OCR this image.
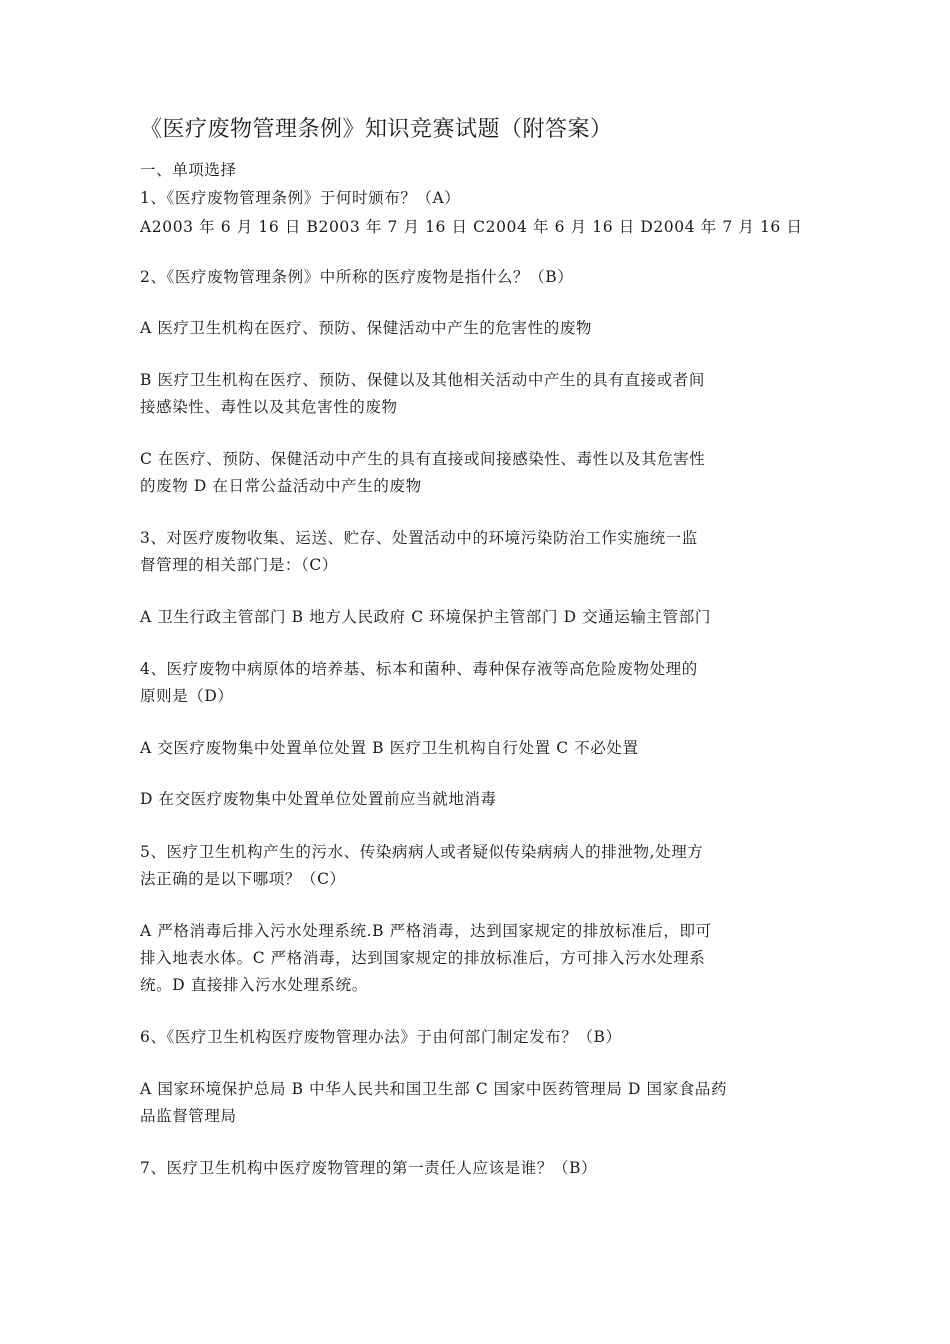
《医疗废物管理条例》知识竞赛试题（附答案）
一、单项选择
1、《医疗废物管理条例》于何时颁布？（A）
A2003 年 6 月 16 日 B2003 年 7 月 16 日 C2004 年 6 月 16 日 D2004 年 7 月 16 日
2、《医疗废物管理条例》中所称的医疗废物是指什么？（B）
A 医疗卫生机构在医疗、预防、保健活动中产生的危害性的废物
B 医疗卫生机构在医疗、预防、保健以及其他相关活动中产生的具有直接或者间
接感染性、毒性以及其危害性的废物
C 在医疗、预防、保健活动中产生的具有直接或间接感染性、毒性以及其危害性
的废物 D 在日常公益活动中产生的废物
3、对医疗废物收集、运送、贮存、处置活动中的环境污染防治工作实施统一监
督管理的相关部门是：（C）
A 卫生行政主管部门 B 地方人民政府 C 环境保护主管部门 D 交通运输主管部门
4、医疗废物中病原体的培养基、标本和菌种、毒种保存液等高危险废物处理的
原则是（D）
A 交医疗废物集中处置单位处置 B 医疗卫生机构自行处置 C 不必处置
D 在交医疗废物集中处置单位处置前应当就地消毒
5、医疗卫生机构产生的污水、传染病病人或者疑似传染病病人的排泄物,处理方
法正确的是以下哪项？（C）
A 严格消毒后排入污水处理系统.B 严格消毒，达到国家规定的排放标准后，即可
排入地表水体。C 严格消毒，达到国家规定的排放标准后，方可排入污水处理系
统。D 直接排入污水处理系统。
6、《医疗卫生机构医疗废物管理办法》于由何部门制定发布？（B）
A 国家环境保护总局 B 中华人民共和国卫生部 C 国家中医药管理局 D 国家食品药
品监督管理局
7、医疗卫生机构中医疗废物管理的第一责任人应该是谁？（B）
